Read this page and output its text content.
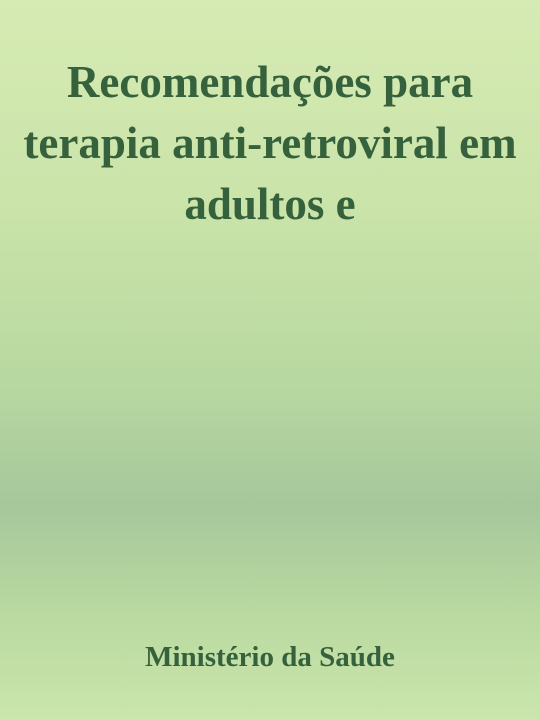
Recomendações para terapia anti-retroviral em adultos e
Ministério da Saúde
